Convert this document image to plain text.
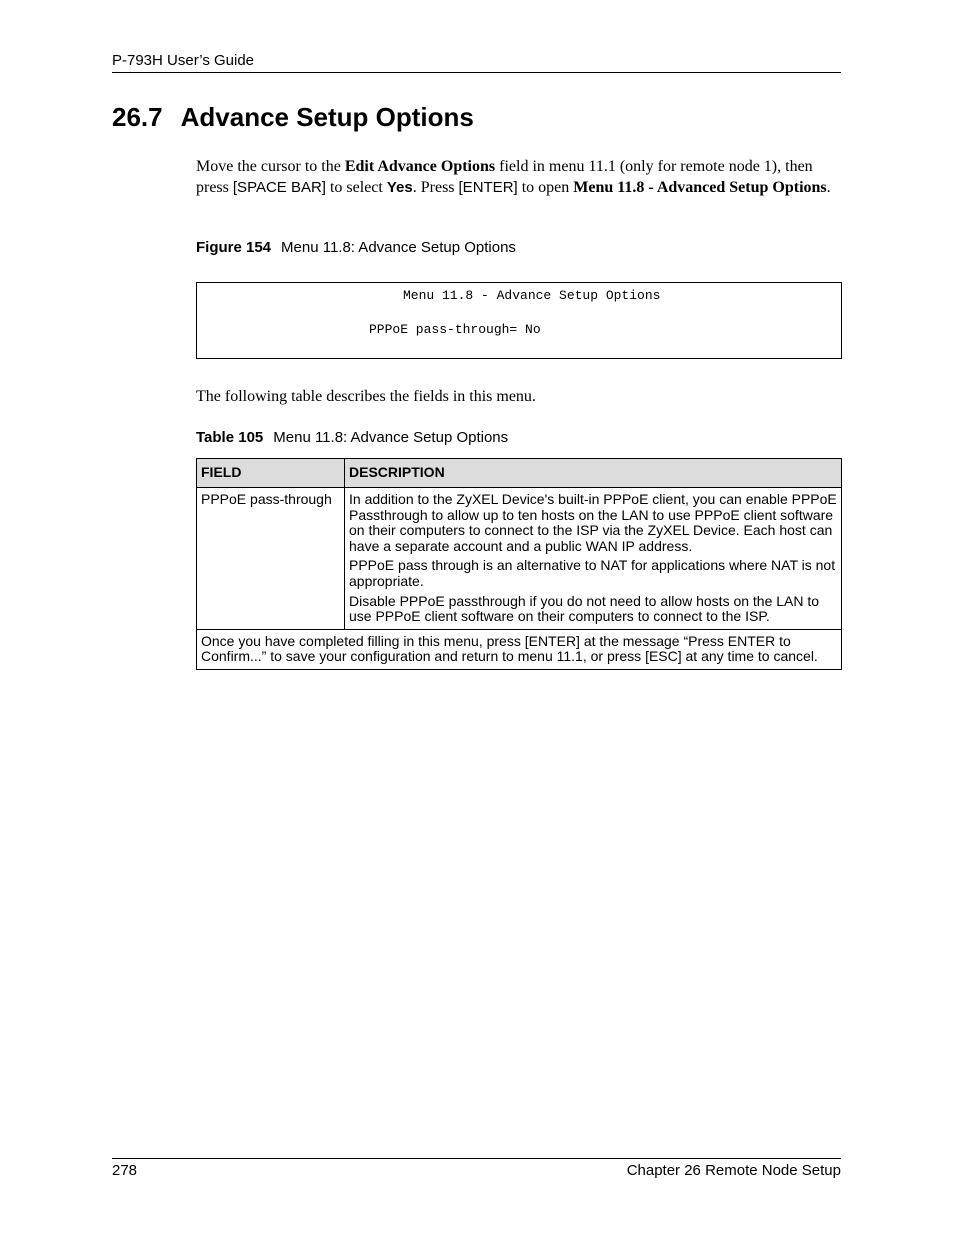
P-793H User’s Guide
26.7 Advance Setup Options

Move the cursor to the Edit Advance Options field in menu 11.1 (only for remote node 1), then press [SPACE BAR] to select Yes. Press [ENTER] to open Menu 11.8 - Advanced Setup Options.

Figure 154 Menu 11.8: Advance Setup Options
Menu 11.8 - Advance Setup Options
PPPoE pass-through= No

The following table describes the fields in this menu.

Table 105 Menu 11.8: Advance Setup Options
FIELD	DESCRIPTION
PPPoE pass-through	In addition to the ZyXEL Device's built-in PPPoE client, you can enable PPPoE Passthrough to allow up to ten hosts on the LAN to use PPPoE client software on their computers to connect to the ISP via the ZyXEL Device. Each host can have a separate account and a public WAN IP address.

PPPoE pass through is an alternative to NAT for applications where NAT is not appropriate.

Disable PPPoE passthrough if you do not need to allow hosts on the LAN to use PPPoE client software on their computers to connect to the ISP.

Once you have completed filling in this menu, press [ENTER] at the message “Press ENTER to Confirm...” to save your configuration and return to menu 11.1, or press [ESC] at any time to cancel.	
278	Chapter 26 Remote Node Setup
